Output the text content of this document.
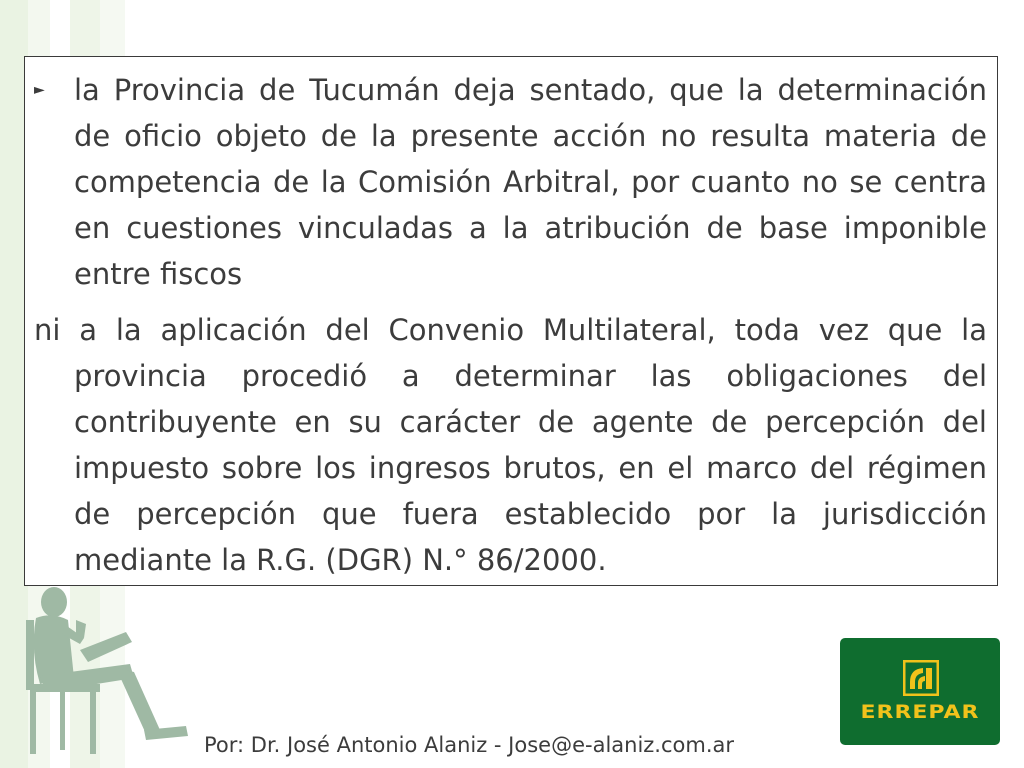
► la Provincia de Tucumán deja sentado, que la determinación de oficio objeto de la presente acción no resulta materia de competencia de la Comisión Arbitral, por cuanto no se centra en cuestiones vinculadas a la atribución de base imponible entre fiscos

ni a la aplicación del Convenio Multilateral, toda vez que la provincia procedió a determinar las obligaciones del contribuyente en su carácter de agente de percepción del impuesto sobre los ingresos brutos, en el marco del régimen de percepción que fuera establecido por la jurisdicción mediante la R.G. (DGR) N.° 86/2000.

ERREPAR
Por: Dr. José Antonio Alaniz - Jose@e-alaniz.com.ar
